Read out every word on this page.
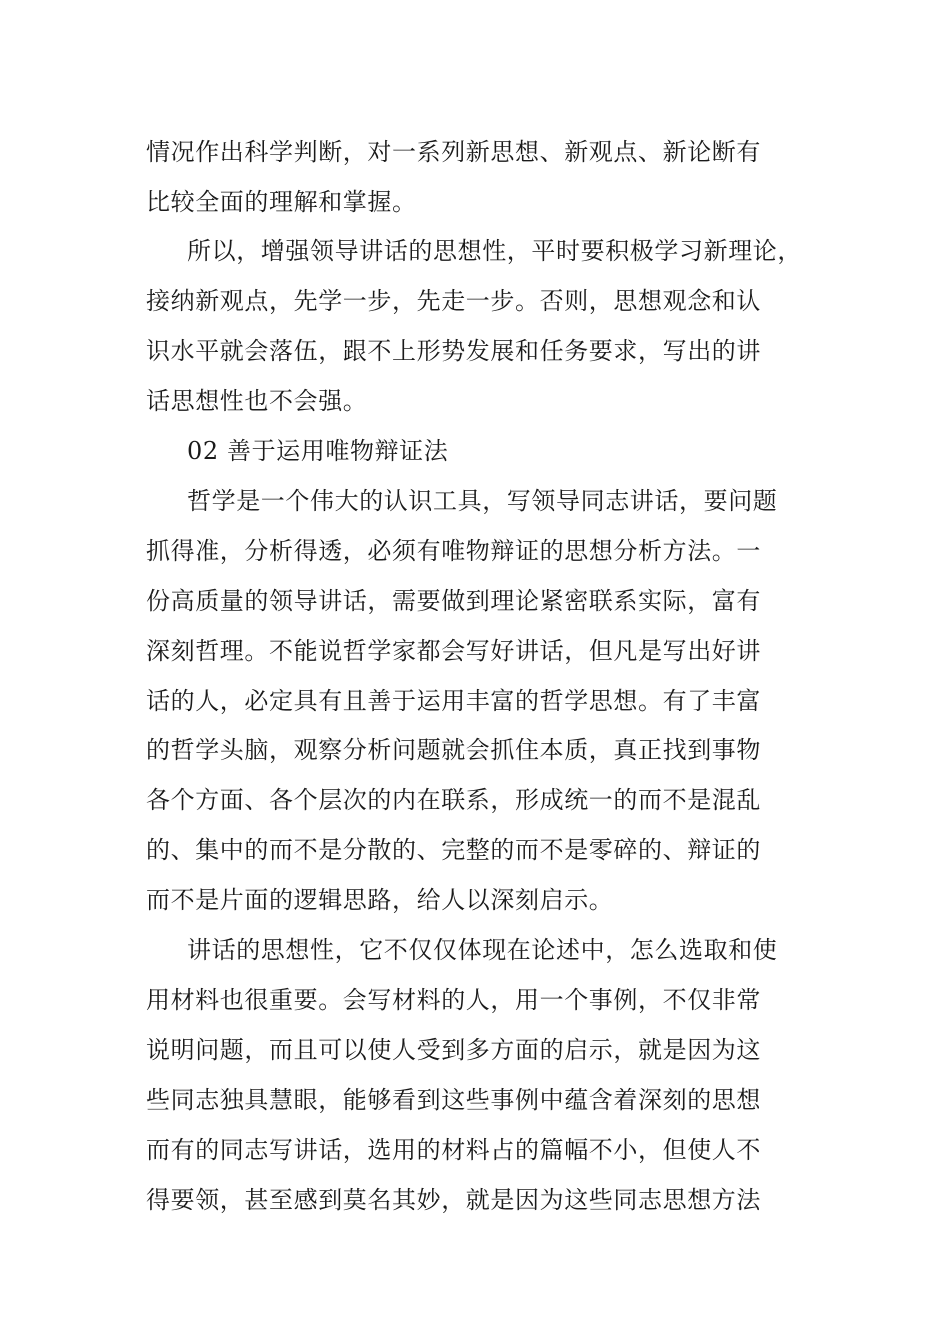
情况作出科学判断，对一系列新思想、新观点、新论断有
比较全面的理解和掌握。
所以，增强领导讲话的思想性，平时要积极学习新理论，
接纳新观点，先学一步，先走一步。否则，思想观念和认
识水平就会落伍，跟不上形势发展和任务要求，写出的讲
话思想性也不会强。
02 善于运用唯物辩证法
哲学是一个伟大的认识工具，写领导同志讲话，要问题
抓得准，分析得透，必须有唯物辩证的思想分析方法。一
份高质量的领导讲话，需要做到理论紧密联系实际，富有
深刻哲理。不能说哲学家都会写好讲话，但凡是写出好讲
话的人，必定具有且善于运用丰富的哲学思想。有了丰富
的哲学头脑，观察分析问题就会抓住本质，真正找到事物
各个方面、各个层次的内在联系，形成统一的而不是混乱
的、集中的而不是分散的、完整的而不是零碎的、辩证的
而不是片面的逻辑思路，给人以深刻启示。
讲话的思想性，它不仅仅体现在论述中，怎么选取和使
用材料也很重要。会写材料的人，用一个事例，不仅非常
说明问题，而且可以使人受到多方面的启示，就是因为这
些同志独具慧眼，能够看到这些事例中蕴含着深刻的思想
而有的同志写讲话，选用的材料占的篇幅不小，但使人不
得要领，甚至感到莫名其妙，就是因为这些同志思想方法
